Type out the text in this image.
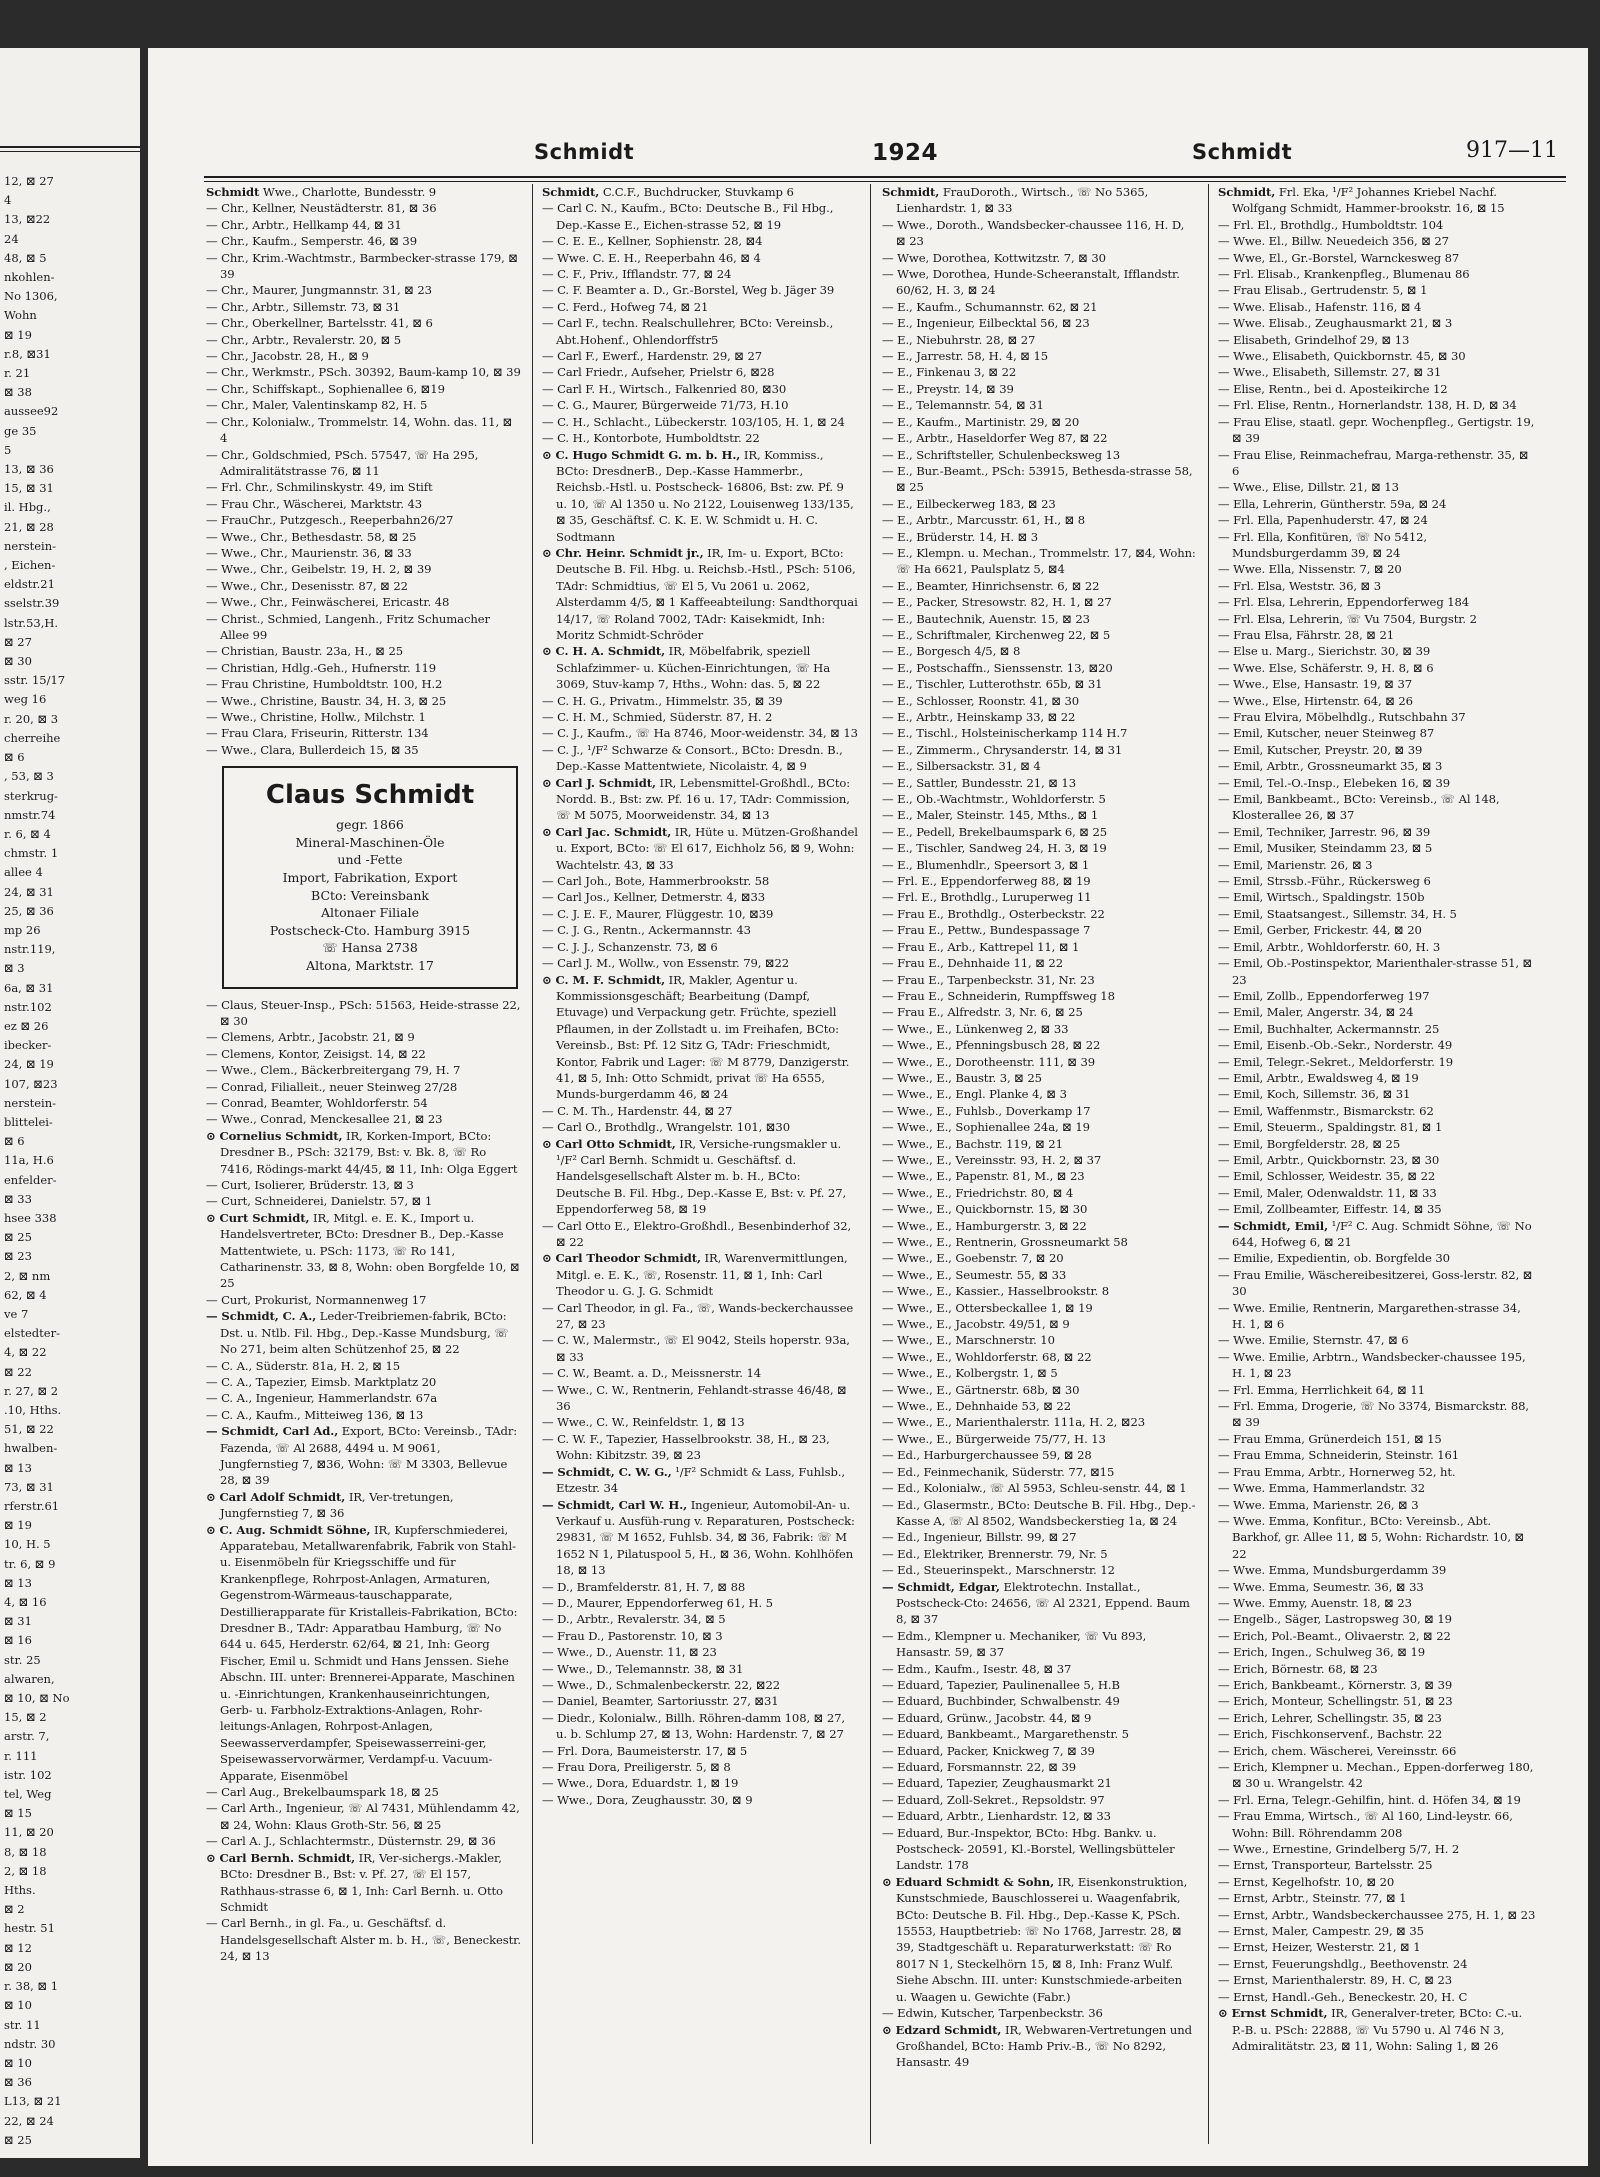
12, ⊠ 27
4
13, ⊠22
24
48, ⊠ 5
nkohlen-
No 1306,
Wohn
⊠ 19
r.8, ⊠31
r. 21
⊠ 38
aussee92
ge 35
5
13, ⊠ 36
15, ⊠ 31
il. Hbg.,
21, ⊠ 28
nerstein-
, Eichen-
eldstr.21
sselstr.39
lstr.53,H.
⊠ 27
⊠ 30
sstr. 15/17
weg 16
r. 20, ⊠ 3
cherreihe
⊠ 6
, 53, ⊠ 3
sterkrug-
nmstr.74
r. 6, ⊠ 4
chmstr. 1
allee 4
24, ⊠ 31
25, ⊠ 36
mp 26
nstr.119,
⊠ 3
6a, ⊠ 31
nstr.102
ez ⊠ 26
ibecker-
24, ⊠ 19
107, ⊠23
nerstein-
blittelei-
⊠ 6
11a, H.6
enfelder-
⊠ 33
hsee 338
⊠ 25
⊠ 23
2, ⊠ nm
62, ⊠ 4
ve 7
elstedter-
4, ⊠ 22
⊠ 22
r. 27, ⊠ 2
.10, Hths.
51, ⊠ 22
hwalben-
⊠ 13
73, ⊠ 31
rferstr.61
⊠ 19
10, H. 5
tr. 6, ⊠ 9
⊠ 13
4, ⊠ 16
⊠ 31
⊠ 16
str. 25
alwaren,
⊠ 10, ⊠ No
15, ⊠ 2
arstr. 7,
r. 111
istr. 102
tel, Weg
⊠ 15
11, ⊠ 20
8, ⊠ 18
2, ⊠ 18
Hths.
⊠ 2
hestr. 51
⊠ 12
⊠ 20
r. 38, ⊠ 1
⊠ 10
str. 11
ndstr. 30
⊠ 10
⊠ 36
L13, ⊠ 21
22, ⊠ 24
⊠ 25
Schmidt	1924	Schmidt	917—11
Schmidt Wwe., Charlotte, Bundesstr. 9
— Chr., Kellner, Neustädterstr. 81, ⊠ 36
— Chr., Arbtr., Hellkamp 44, ⊠ 31
— Chr., Kaufm., Semperstr. 46, ⊠ 39
— Chr., Krim.-Wachtmstr., Barmbecker-strasse 179, ⊠ 39
— Chr., Maurer, Jungmannstr. 31, ⊠ 23
— Chr., Arbtr., Sillemstr. 73, ⊠ 31
— Chr., Oberkellner, Bartelsstr. 41, ⊠ 6
— Chr., Arbtr., Revalerstr. 20, ⊠ 5
— Chr., Jacobstr. 28, H., ⊠ 9
— Chr., Werkmstr., PSch. 30392, Baum-kamp 10, ⊠ 39
— Chr., Schiffskapt., Sophienallee 6, ⊠19
— Chr., Maler, Valentinskamp 82, H. 5
— Chr., Kolonialw., Trommelstr. 14, Wohn. das. 11, ⊠ 4
— Chr., Goldschmied, PSch. 57547, ☏ Ha 295, Admiralitätstrasse 76, ⊠ 11
— Frl. Chr., Schmilinskystr. 49, im Stift
— Frau Chr., Wäscherei, Marktstr. 43
— FrauChr., Putzgesch., Reeperbahn26/27
— Wwe., Chr., Bethesdastr. 58, ⊠ 25
— Wwe., Chr., Maurienstr. 36, ⊠ 33
— Wwe., Chr., Geibelstr. 19, H. 2, ⊠ 39
— Wwe., Chr., Desenisstr. 87, ⊠ 22
— Wwe., Chr., Feinwäscherei, Ericastr. 48
— Christ., Schmied, Langenh., Fritz Schumacher Allee 99
— Christian, Baustr. 23a, H., ⊠ 25
— Christian, Hdlg.-Geh., Hufnerstr. 119
— Frau Christine, Humboldtstr. 100, H.2
— Wwe., Christine, Baustr. 34, H. 3, ⊠ 25
— Wwe., Christine, Hollw., Milchstr. 1
— Frau Clara, Friseurin, Ritterstr. 134
— Wwe., Clara, Bullerdeich 15, ⊠ 35
Claus Schmidt
gegr. 1866
Mineral-Maschinen-Öle
und -Fette
Import, Fabrikation, Export
BCto: Vereinsbank
Altonaer Filiale
Postscheck-Cto. Hamburg 3915
☏ Hansa 2738
Altona, Marktstr. 17
— Claus, Steuer-Insp., PSch: 51563, Heide-strasse 22, ⊠ 30
— Clemens, Arbtr., Jacobstr. 21, ⊠ 9
— Clemens, Kontor, Zeisigst. 14, ⊠ 22
— Wwe., Clem., Bäckerbreitergang 79, H. 7
— Conrad, Filialleit., neuer Steinweg 27/28
— Conrad, Beamter, Wohldorferstr. 54
— Wwe., Conrad, Menckesallee 21, ⊠ 23
⊙ Cornelius Schmidt, IR, Korken-Import, BCto: Dresdner B., PSch: 32179, Bst: v. Bk. 8, ☏ Ro 7416, Rödings-markt 44/45, ⊠ 11, Inh: Olga Eggert
— Curt, Isolierer, Brüderstr. 13, ⊠ 3
— Curt, Schneiderei, Danielstr. 57, ⊠ 1
⊙ Curt Schmidt, IR, Mitgl. e. E. K., Import u. Handelsvertreter, BCto: Dresdner B., Dep.-Kasse Mattentwiete, u. PSch: 1173, ☏ Ro 141, Catharinenstr. 33, ⊠ 8, Wohn: oben Borgfelde 10, ⊠ 25
— Curt, Prokurist, Normannenweg 17
— Schmidt, C. A., Leder-Treibriemen-fabrik, BCto: Dst. u. Ntlb. Fil. Hbg., Dep.-Kasse Mundsburg, ☏ No 271, beim alten Schützenhof 25, ⊠ 22
— C. A., Süderstr. 81a, H. 2, ⊠ 15
— C. A., Tapezier, Eimsb. Marktplatz 20
— C. A., Ingenieur, Hammerlandstr. 67a
— C. A., Kaufm., Mitteiweg 136, ⊠ 13
— Schmidt, Carl Ad., Export, BCto: Vereinsb., TAdr: Fazenda, ☏ Al 2688, 4494 u. M 9061, Jungfernstieg 7, ⊠36, Wohn: ☏ M 3303, Bellevue 28, ⊠ 39
⊙ Carl Adolf Schmidt, IR, Ver-tretungen, Jungfernstieg 7, ⊠ 36
⊙ C. Aug. Schmidt Söhne, IR, Kupferschmiederei, Apparatebau, Metallwarenfabrik, Fabrik von Stahl-u. Eisenmöbeln für Kriegsschiffe und für Krankenpflege, Rohrpost-Anlagen, Armaturen, Gegenstrom-Wärmeaus-tauschapparate, Destillierapparate für Kristalleis-Fabrikation, BCto: Dresdner B., TAdr: Apparatbau Hamburg, ☏ No 644 u. 645, Herderstr. 62/64, ⊠ 21, Inh: Georg Fischer, Emil u. Schmidt und Hans Jenssen. Siehe Abschn. III. unter: Brennerei-Apparate, Maschinen u. -Einrichtungen, Krankenhauseinrichtungen, Gerb- u. Farbholz-Extraktions-Anlagen, Rohr-leitungs-Anlagen, Rohrpost-Anlagen, Seewasserverdampfer, Speisewasserreini-ger, Speisewasservorwärmer, Verdampf-u. Vacuum-Apparate, Eisenmöbel
— Carl Aug., Brekelbaumspark 18, ⊠ 25
— Carl Arth., Ingenieur, ☏ Al 7431, Mühlendamm 42, ⊠ 24, Wohn: Klaus Groth-Str. 56, ⊠ 25
— Carl A. J., Schlachtermstr., Düsternstr. 29, ⊠ 36
⊙ Carl Bernh. Schmidt, IR, Ver-sichergs.-Makler, BCto: Dresdner B., Bst: v. Pf. 27, ☏ El 157, Rathhaus-strasse 6, ⊠ 1, Inh: Carl Bernh. u. Otto Schmidt
— Carl Bernh., in gl. Fa., u. Geschäftsf. d. Handelsgesellschaft Alster m. b. H., ☏, Beneckestr. 24, ⊠ 13
Schmidt, C.C.F., Buchdrucker, Stuvkamp 6
— Carl C. N., Kaufm., BCto: Deutsche B., Fil Hbg., Dep.-Kasse E., Eichen-strasse 52, ⊠ 19
— C. E. E., Kellner, Sophienstr. 28, ⊠4
— Wwe. C. E. H., Reeperbahn 46, ⊠ 4
— C. F., Priv., Ifflandstr. 77, ⊠ 24
— C. F. Beamter a. D., Gr.-Borstel, Weg b. Jäger 39
— C. Ferd., Hofweg 74, ⊠ 21
— Carl F., techn. Realschullehrer, BCto: Vereinsb., Abt.Hohenf., Ohlendorffstr5
— Carl F., Ewerf., Hardenstr. 29, ⊠ 27
— Carl Friedr., Aufseher, Prielstr 6, ⊠28
— Carl F. H., Wirtsch., Falkenried 80, ⊠30
— C. G., Maurer, Bürgerweide 71/73, H.10
— C. H., Schlacht., Lübeckerstr. 103/105, H. 1, ⊠ 24
— C. H., Kontorbote, Humboldtstr. 22
⊙ C. Hugo Schmidt G. m. b. H., IR, Kommiss., BCto: DresdnerB., Dep.-Kasse Hammerbr., Reichsb.-Hstl. u. Postscheck- 16806, Bst: zw. Pf. 9 u. 10, ☏ Al 1350 u. No 2122, Louisenweg 133/135, ⊠ 35, Geschäftsf. C. K. E. W. Schmidt u. H. C. Sodtmann
⊙ Chr. Heinr. Schmidt jr., IR, Im- u. Export, BCto: Deutsche B. Fil. Hbg. u. Reichsb.-Hstl., PSch: 5106, TAdr: Schmidtius, ☏ El 5, Vu 2061 u. 2062, Alsterdamm 4/5, ⊠ 1 Kaffeeabteilung: Sandthorquai 14/17, ☏ Roland 7002, TAdr: Kaisekmidt, Inh: Moritz Schmidt-Schröder
⊙ C. H. A. Schmidt, IR, Möbelfabrik, speziell Schlafzimmer- u. Küchen-Einrichtungen, ☏ Ha 3069, Stuv-kamp 7, Hths., Wohn: das. 5, ⊠ 22
— C. H. G., Privatm., Himmelstr. 35, ⊠ 39
— C. H. M., Schmied, Süderstr. 87, H. 2
— C. J., Kaufm., ☏ Ha 8746, Moor-weidenstr. 34, ⊠ 13
— C. J., ¹/F² Schwarze & Consort., BCto: Dresdn. B., Dep.-Kasse Mattentwiete, Nicolaistr. 4, ⊠ 9
⊙ Carl J. Schmidt, IR, Lebensmittel-Großhdl., BCto: Nordd. B., Bst: zw. Pf. 16 u. 17, TAdr: Commission, ☏ M 5075, Moorweidenstr. 34, ⊠ 13
⊙ Carl Jac. Schmidt, IR, Hüte u. Mützen-Großhandel u. Export, BCto: ☏ El 617, Eichholz 56, ⊠ 9, Wohn: Wachtelstr. 43, ⊠ 33
— Carl Joh., Bote, Hammerbrookstr. 58
— Carl Jos., Kellner, Detmerstr. 4, ⊠33
— C. J. E. F., Maurer, Flüggestr. 10, ⊠39
— C. J. G., Rentn., Ackermannstr. 43
— C. J. J., Schanzenstr. 73, ⊠ 6
— Carl J. M., Wollw., von Essenstr. 79, ⊠22
⊙ C. M. F. Schmidt, IR, Makler, Agentur u. Kommissionsgeschäft; Bearbeitung (Dampf, Etuvage) und Verpackung getr. Früchte, speziell Pflaumen, in der Zollstadt u. im Freihafen, BCto: Vereinsb., Bst: Pf. 12 Sitz G, TAdr: Frieschmidt, Kontor, Fabrik und Lager: ☏ M 8779, Danzigerstr. 41, ⊠ 5, Inh: Otto Schmidt, privat ☏ Ha 6555, Munds-burgerdamm 46, ⊠ 24
— C. M. Th., Hardenstr. 44, ⊠ 27
— Carl O., Brothdlg., Wrangelstr. 101, ⊠30
⊙ Carl Otto Schmidt, IR, Versiche-rungsmakler u. ¹/F² Carl Bernh. Schmidt u. Geschäftsf. d. Handelsgesellschaft Alster m. b. H., BCto: Deutsche B. Fil. Hbg., Dep.-Kasse E, Bst: v. Pf. 27, Eppendorferweg 58, ⊠ 19
— Carl Otto E., Elektro-Großhdl., Besenbinderhof 32, ⊠ 22
⊙ Carl Theodor Schmidt, IR, Warenvermittlungen, Mitgl. e. E. K., ☏, Rosenstr. 11, ⊠ 1, Inh: Carl Theodor u. G. J. G. Schmidt
— Carl Theodor, in gl. Fa., ☏, Wands-beckerchaussee 27, ⊠ 23
— C. W., Malermstr., ☏ El 9042, Steils hoperstr. 93a, ⊠ 33
— C. W., Beamt. a. D., Meissnerstr. 14
— Wwe., C. W., Rentnerin, Fehlandt-strasse 46/48, ⊠ 36
— Wwe., C. W., Reinfeldstr. 1, ⊠ 13
— C. W. F., Tapezier, Hasselbrookstr. 38, H., ⊠ 23, Wohn: Kibitzstr. 39, ⊠ 23
— Schmidt, C. W. G., ¹/F² Schmidt & Lass, Fuhlsb., Etzestr. 34
— Schmidt, Carl W. H., Ingenieur, Automobil-An- u. Verkauf u. Ausfüh-rung v. Reparaturen, Postscheck: 29831, ☏ M 1652, Fuhlsb. 34, ⊠ 36, Fabrik: ☏ M 1652 N 1, Pilatuspool 5, H., ⊠ 36, Wohn. Kohlhöfen 18, ⊠ 13
— D., Bramfelderstr. 81, H. 7, ⊠ 88
— D., Maurer, Eppendorferweg 61, H. 5
— D., Arbtr., Revalerstr. 34, ⊠ 5
— Frau D., Pastorenstr. 10, ⊠ 3
— Wwe., D., Auenstr. 11, ⊠ 23
— Wwe., D., Telemannstr. 38, ⊠ 31
— Wwe., D., Schmalenbeckerstr. 22, ⊠22
— Daniel, Beamter, Sartoriusstr. 27, ⊠31
— Diedr., Kolonialw., Billh. Röhren-damm 108, ⊠ 27, u. b. Schlump 27, ⊠ 13, Wohn: Hardenstr. 7, ⊠ 27
— Frl. Dora, Baumeisterstr. 17, ⊠ 5
— Frau Dora, Preiligerstr. 5, ⊠ 8
— Wwe., Dora, Eduardstr. 1, ⊠ 19
— Wwe., Dora, Zeughausstr. 30, ⊠ 9
Schmidt, FrauDoroth., Wirtsch., ☏ No 5365, Lienhardstr. 1, ⊠ 33
— Wwe., Doroth., Wandsbecker-chaussee 116, H. D, ⊠ 23
— Wwe, Dorothea, Kottwitzstr. 7, ⊠ 30
— Wwe, Dorothea, Hunde-Scheeranstalt, Ifflandstr. 60/62, H. 3, ⊠ 24
— E., Kaufm., Schumannstr. 62, ⊠ 21
— E., Ingenieur, Eilbecktal 56, ⊠ 23
— E., Niebuhrstr. 28, ⊠ 27
— E., Jarrestr. 58, H. 4, ⊠ 15
— E., Finkenau 3, ⊠ 22
— E., Preystr. 14, ⊠ 39
— E., Telemannstr. 54, ⊠ 31
— E., Kaufm., Martinistr. 29, ⊠ 20
— E., Arbtr., Haseldorfer Weg 87, ⊠ 22
— E., Schriftsteller, Schulenbecksweg 13
— E., Bur.-Beamt., PSch: 53915, Bethesda-strasse 58, ⊠ 25
— E., Eilbeckerweg 183, ⊠ 23
— E., Arbtr., Marcusstr. 61, H., ⊠ 8
— E., Brüderstr. 14, H. ⊠ 3
— E., Klempn. u. Mechan., Trommelstr. 17, ⊠4, Wohn: ☏ Ha 6621, Paulsplatz 5, ⊠4
— E., Beamter, Hinrichsenstr. 6, ⊠ 22
— E., Packer, Stresowstr. 82, H. 1, ⊠ 27
— E., Bautechnik, Auenstr. 15, ⊠ 23
— E., Schriftmaler, Kirchenweg 22, ⊠ 5
— E., Borgesch 4/5, ⊠ 8
— E., Postschaffn., Sienssenstr. 13, ⊠20
— E., Tischler, Lutterothstr. 65b, ⊠ 31
— E., Schlosser, Roonstr. 41, ⊠ 30
— E., Arbtr., Heinskamp 33, ⊠ 22
— E., Tischl., Holsteinischerkamp 114 H.7
— E., Zimmerm., Chrysanderstr. 14, ⊠ 31
— E., Silbersackstr. 31, ⊠ 4
— E., Sattler, Bundesstr. 21, ⊠ 13
— E., Ob.-Wachtmstr., Wohldorferstr. 5
— E., Maler, Steinstr. 145, Mths., ⊠ 1
— E., Pedell, Brekelbaumspark 6, ⊠ 25
— E., Tischler, Sandweg 24, H. 3, ⊠ 19
— E., Blumenhdlr., Speersort 3, ⊠ 1
— Frl. E., Eppendorferweg 88, ⊠ 19
— Frl. E., Brothdlg., Luruperweg 11
— Frau E., Brothdlg., Osterbeckstr. 22
— Frau E., Pettw., Bundespassage 7
— Frau E., Arb., Kattrepel 11, ⊠ 1
— Frau E., Dehnhaide 11, ⊠ 22
— Frau E., Tarpenbeckstr. 31, Nr. 23
— Frau E., Schneiderin, Rumpffsweg 18
— Frau E., Alfredstr. 3, Nr. 6, ⊠ 25
— Wwe., E., Lünkenweg 2, ⊠ 33
— Wwe., E., Pfenningsbusch 28, ⊠ 22
— Wwe., E., Dorotheenstr. 111, ⊠ 39
— Wwe., E., Baustr. 3, ⊠ 25
— Wwe., E., Engl. Planke 4, ⊠ 3
— Wwe., E., Fuhlsb., Doverkamp 17
— Wwe., E., Sophienallee 24a, ⊠ 19
— Wwe., E., Bachstr. 119, ⊠ 21
— Wwe., E., Vereinsstr. 93, H. 2, ⊠ 37
— Wwe., E., Papenstr. 81, M., ⊠ 23
— Wwe., E., Friedrichstr. 80, ⊠ 4
— Wwe., E., Quickbornstr. 15, ⊠ 30
— Wwe., E., Hamburgerstr. 3, ⊠ 22
— Wwe., E., Rentnerin, Grossneumarkt 58
— Wwe., E., Goebenstr. 7, ⊠ 20
— Wwe., E., Seumestr. 55, ⊠ 33
— Wwe., E., Kassier., Hasselbrookstr. 8
— Wwe., E., Ottersbeckallee 1, ⊠ 19
— Wwe., E., Jacobstr. 49/51, ⊠ 9
— Wwe., E., Marschnerstr. 10
— Wwe., E., Wohldorferstr. 68, ⊠ 22
— Wwe., E., Kolbergstr. 1, ⊠ 5
— Wwe., E., Gärtnerstr. 68b, ⊠ 30
— Wwe., E., Dehnhaide 53, ⊠ 22
— Wwe., E., Marienthalerstr. 111a, H. 2, ⊠23
— Wwe., E., Bürgerweide 75/77, H. 13
— Ed., Harburgerchaussee 59, ⊠ 28
— Ed., Feinmechanik, Süderstr. 77, ⊠15
— Ed., Kolonialw., ☏ Al 5953, Schleu-senstr. 44, ⊠ 1
— Ed., Glasermstr., BCto: Deutsche B. Fil. Hbg., Dep.-Kasse A, ☏ Al 8502, Wandsbeckerstieg 1a, ⊠ 24
— Ed., Ingenieur, Billstr. 99, ⊠ 27
— Ed., Elektriker, Brennerstr. 79, Nr. 5
— Ed., Steuerinspekt., Marschnerstr. 12
— Schmidt, Edgar, Elektrotechn. Installat., Postscheck-Cto: 24656, ☏ Al 2321, Eppend. Baum 8, ⊠ 37
— Edm., Klempner u. Mechaniker, ☏ Vu 893, Hansastr. 59, ⊠ 37
— Edm., Kaufm., Isestr. 48, ⊠ 37
— Eduard, Tapezier, Paulinenallee 5, H.B
— Eduard, Buchbinder, Schwalbenstr. 49
— Eduard, Grünw., Jacobstr. 44, ⊠ 9
— Eduard, Bankbeamt., Margarethenstr. 5
— Eduard, Packer, Knickweg 7, ⊠ 39
— Eduard, Forsmannstr. 22, ⊠ 39
— Eduard, Tapezier, Zeughausmarkt 21
— Eduard, Zoll-Sekret., Repsoldstr. 97
— Eduard, Arbtr., Lienhardstr. 12, ⊠ 33
— Eduard, Bur.-Inspektor, BCto: Hbg. Bankv. u. Postscheck- 20591, Kl.-Borstel, Wellingsbütteler Landstr. 178
⊙ Eduard Schmidt & Sohn, IR, Eisenkonstruktion, Kunstschmiede, Bauschlosserei u. Waagenfabrik, BCto: Deutsche B. Fil. Hbg., Dep.-Kasse K, PSch. 15553, Hauptbetrieb: ☏ No 1768, Jarrestr. 28, ⊠ 39, Stadtgeschäft u. Reparaturwerkstatt: ☏ Ro 8017 N 1, Steckelhörn 15, ⊠ 8, Inh: Franz Wulf. Siehe Abschn. III. unter: Kunstschmiede-arbeiten u. Waagen u. Gewichte (Fabr.)
— Edwin, Kutscher, Tarpenbeckstr. 36
⊙ Edzard Schmidt, IR, Webwaren-Vertretungen und Großhandel, BCto: Hamb Priv.-B., ☏ No 8292, Hansastr. 49
Schmidt, Frl. Eka, ¹/F² Johannes Kriebel Nachf. Wolfgang Schmidt, Hammer-brookstr. 16, ⊠ 15
— Frl. El., Brothdlg., Humboldtstr. 104
— Wwe. El., Billw. Neuedeich 356, ⊠ 27
— Wwe, El., Gr.-Borstel, Warnckesweg 87
— Frl. Elisab., Krankenpfleg., Blumenau 86
— Frau Elisab., Gertrudenstr. 5, ⊠ 1
— Wwe. Elisab., Hafenstr. 116, ⊠ 4
— Wwe. Elisab., Zeughausmarkt 21, ⊠ 3
— Elisabeth, Grindelhof 29, ⊠ 13
— Wwe., Elisabeth, Quickbornstr. 45, ⊠ 30
— Wwe., Elisabeth, Sillemstr. 27, ⊠ 31
— Elise, Rentn., bei d. Aposteikirche 12
— Frl. Elise, Rentn., Hornerlandstr. 138, H. D, ⊠ 34
— Frau Elise, staatl. gepr. Wochenpfleg., Gertigstr. 19, ⊠ 39
— Frau Elise, Reinmachefrau, Marga-rethenstr. 35, ⊠ 6
— Wwe., Elise, Dillstr. 21, ⊠ 13
— Ella, Lehrerin, Güntherstr. 59a, ⊠ 24
— Frl. Ella, Papenhuderstr. 47, ⊠ 24
— Frl. Ella, Konfitüren, ☏ No 5412, Mundsburgerdamm 39, ⊠ 24
— Wwe. Ella, Nissenstr. 7, ⊠ 20
— Frl. Elsa, Weststr. 36, ⊠ 3
— Frl. Elsa, Lehrerin, Eppendorferweg 184
— Frl. Elsa, Lehrerin, ☏ Vu 7504, Burgstr. 2
— Frau Elsa, Fährstr. 28, ⊠ 21
— Else u. Marg., Sierichstr. 30, ⊠ 39
— Wwe. Else, Schäferstr. 9, H. 8, ⊠ 6
— Wwe., Else, Hansastr. 19, ⊠ 37
— Wwe., Else, Hirtenstr. 64, ⊠ 26
— Frau Elvira, Möbelhdlg., Rutschbahn 37
— Emil, Kutscher, neuer Steinweg 87
— Emil, Kutscher, Preystr. 20, ⊠ 39
— Emil, Arbtr., Grossneumarkt 35, ⊠ 3
— Emil, Tel.-O.-Insp., Elebeken 16, ⊠ 39
— Emil, Bankbeamt., BCto: Vereinsb., ☏ Al 148, Klosterallee 26, ⊠ 37
— Emil, Techniker, Jarrestr. 96, ⊠ 39
— Emil, Musiker, Steindamm 23, ⊠ 5
— Emil, Marienstr. 26, ⊠ 3
— Emil, Strssb.-Führ., Rückersweg 6
— Emil, Wirtsch., Spaldingstr. 150b
— Emil, Staatsangest., Sillemstr. 34, H. 5
— Emil, Gerber, Frickestr. 44, ⊠ 20
— Emil, Arbtr., Wohldorferstr. 60, H. 3
— Emil, Ob.-Postinspektor, Marienthaler-strasse 51, ⊠ 23
— Emil, Zollb., Eppendorferweg 197
— Emil, Maler, Angerstr. 34, ⊠ 24
— Emil, Buchhalter, Ackermannstr. 25
— Emil, Eisenb.-Ob.-Sekr., Norderstr. 49
— Emil, Telegr.-Sekret., Meldorferstr. 19
— Emil, Arbtr., Ewaldsweg 4, ⊠ 19
— Emil, Koch, Sillemstr. 36, ⊠ 31
— Emil, Waffenmstr., Bismarckstr. 62
— Emil, Steuerm., Spaldingstr. 81, ⊠ 1
— Emil, Borgfelderstr. 28, ⊠ 25
— Emil, Arbtr., Quickbornstr. 23, ⊠ 30
— Emil, Schlosser, Weidestr. 35, ⊠ 22
— Emil, Maler, Odenwaldstr. 11, ⊠ 33
— Emil, Zollbeamter, Eiffestr. 14, ⊠ 35
— Schmidt, Emil, ¹/F² C. Aug. Schmidt Söhne, ☏ No 644, Hofweg 6, ⊠ 21
— Emilie, Expedientin, ob. Borgfelde 30
— Frau Emilie, Wäschereibesitzerei, Goss-lerstr. 82, ⊠ 30
— Wwe. Emilie, Rentnerin, Margarethen-strasse 34, H. 1, ⊠ 6
— Wwe. Emilie, Sternstr. 47, ⊠ 6
— Wwe. Emilie, Arbtrn., Wandsbecker-chaussee 195, H. 1, ⊠ 23
— Frl. Emma, Herrlichkeit 64, ⊠ 11
— Frl. Emma, Drogerie, ☏ No 3374, Bismarckstr. 88, ⊠ 39
— Frau Emma, Grünerdeich 151, ⊠ 15
— Frau Emma, Schneiderin, Steinstr. 161
— Frau Emma, Arbtr., Hornerweg 52, ht.
— Wwe. Emma, Hammerlandstr. 32
— Wwe. Emma, Marienstr. 26, ⊠ 3
— Wwe. Emma, Konfitur., BCto: Vereinsb., Abt. Barkhof, gr. Allee 11, ⊠ 5, Wohn: Richardstr. 10, ⊠ 22
— Wwe. Emma, Mundsburgerdamm 39
— Wwe. Emma, Seumestr. 36, ⊠ 33
— Wwe. Emmy, Auenstr. 18, ⊠ 23
— Engelb., Säger, Lastropsweg 30, ⊠ 19
— Erich, Pol.-Beamt., Olivaerstr. 2, ⊠ 22
— Erich, Ingen., Schulweg 36, ⊠ 19
— Erich, Börnestr. 68, ⊠ 23
— Erich, Bankbeamt., Körnerstr. 3, ⊠ 39
— Erich, Monteur, Schellingstr. 51, ⊠ 23
— Erich, Lehrer, Schellingstr. 35, ⊠ 23
— Erich, Fischkonservenf., Bachstr. 22
— Erich, chem. Wäscherei, Vereinsstr. 66
— Erich, Klempner u. Mechan., Eppen-dorferweg 180, ⊠ 30 u. Wrangelstr. 42
— Frl. Erna, Telegr.-Gehilfin, hint. d. Höfen 34, ⊠ 19
— Frau Emma, Wirtsch., ☏ Al 160, Lind-leystr. 66, Wohn: Bill. Röhrendamm 208
— Wwe., Ernestine, Grindelberg 5/7, H. 2
— Ernst, Transporteur, Bartelsstr. 25
— Ernst, Kegelhofstr. 10, ⊠ 20
— Ernst, Arbtr., Steinstr. 77, ⊠ 1
— Ernst, Arbtr., Wandsbeckerchaussee 275, H. 1, ⊠ 23
— Ernst, Maler, Campestr. 29, ⊠ 35
— Ernst, Heizer, Westerstr. 21, ⊠ 1
— Ernst, Feuerungshdlg., Beethovenstr. 24
— Ernst, Marienthalerstr. 89, H. C, ⊠ 23
— Ernst, Handl.-Geh., Beneckestr. 20, H. C
⊙ Ernst Schmidt, IR, Generalver-treter, BCto: C.-u. P.-B. u. PSch: 22888, ☏ Vu 5790 u. Al 746 N 3, Admiralitätstr. 23, ⊠ 11, Wohn: Saling 1, ⊠ 26
